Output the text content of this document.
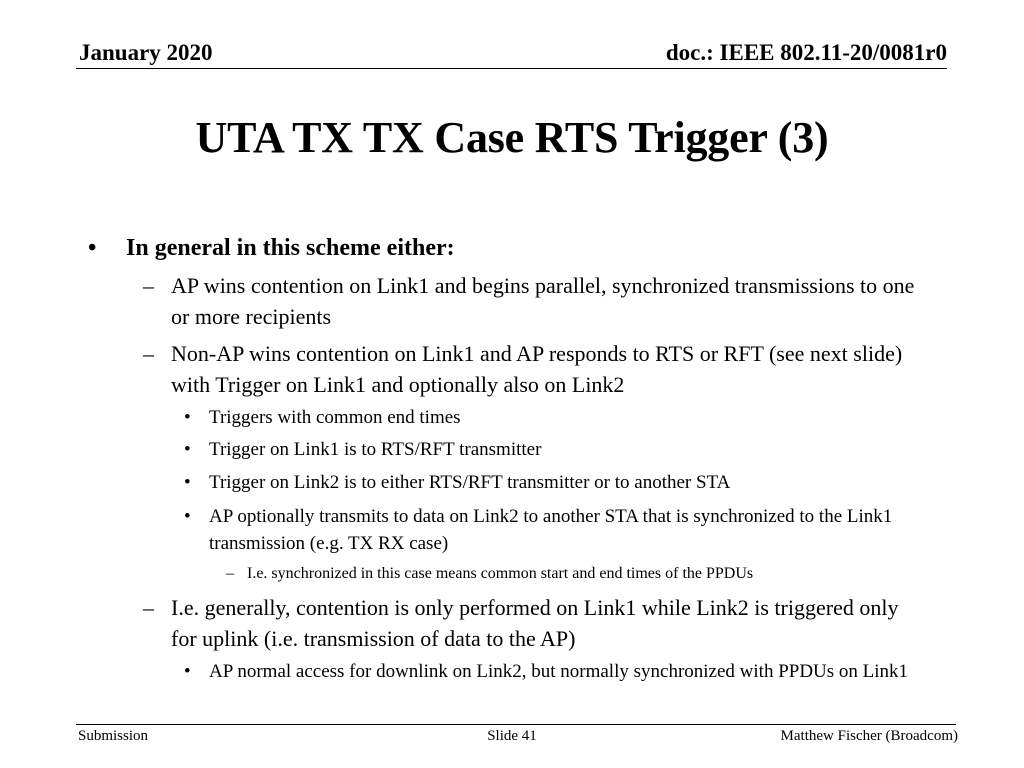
January 2020	doc.: IEEE 802.11-20/0081r0
UTA TX TX Case RTS Trigger (3)
• In general in this scheme either:
– AP wins contention on Link1 and begins parallel, synchronized transmissions to one or more recipients
– Non-AP wins contention on Link1 and AP responds to RTS or RFT (see next slide) with Trigger on Link1 and optionally also on Link2
• Triggers with common end times
• Trigger on Link1 is to RTS/RFT transmitter
• Trigger on Link2 is to either RTS/RFT transmitter or to another STA
• AP optionally transmits to data on Link2 to another STA that is synchronized to the Link1 transmission (e.g. TX RX case)
– I.e. synchronized in this case means common start and end times of the PPDUs
– I.e. generally, contention is only performed on Link1 while Link2 is triggered only for uplink (i.e. transmission of data to the AP)
• AP normal access for downlink on Link2, but normally synchronized with PPDUs on Link1
Submission	Slide 41	Matthew Fischer (Broadcom)
